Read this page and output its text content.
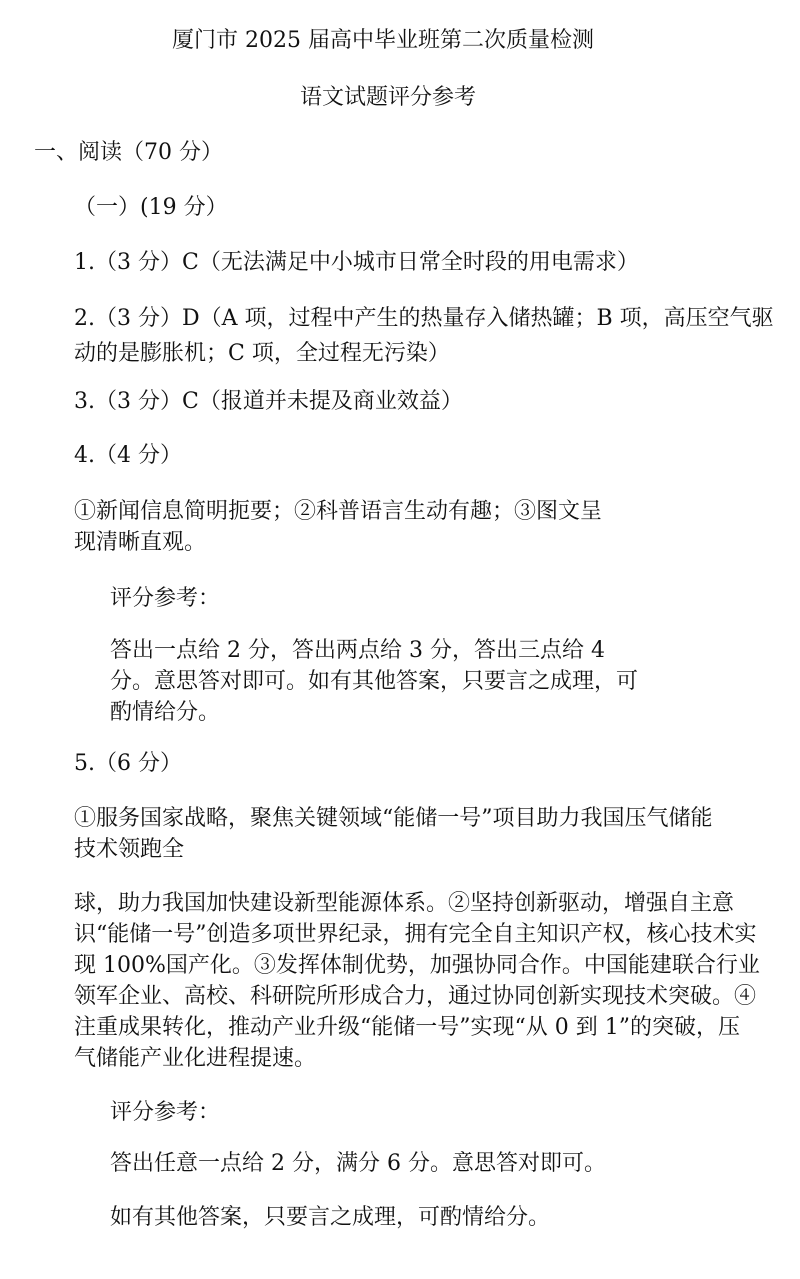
厦门市 2025 届高中毕业班第二次质量检测

语文试题评分参考

一、阅读（70 分）

（一）(19 分）

1.（3 分）C（无法满足中小城市日常全时段的用电需求）

2.（3 分）D（A 项，过程中产生的热量存入储热罐；B 项，高压空气驱

动的是膨胀机；C 项，全过程无污染）

3.（3 分）C（报道并未提及商业效益）

4.（4 分）

①新闻信息简明扼要；②科普语言生动有趣；③图文呈

现清晰直观。

评分参考：

答出一点给 2 分，答出两点给 3 分，答出三点给 4

分。意思答对即可。如有其他答案，只要言之成理，可

酌情给分。

5.（6 分）

①服务国家战略，聚焦关键领域“能储一号”项目助力我国压气储能

技术领跑全

球，助力我国加快建设新型能源体系。②坚持创新驱动，增强自主意

识“能储一号”创造多项世界纪录，拥有完全自主知识产权，核心技术实

现 100%国产化。③发挥体制优势，加强协同合作。中国能建联合行业

领军企业、高校、科研院所形成合力，通过协同创新实现技术突破。④

注重成果转化，推动产业升级“能储一号”实现“从 0 到 1”的突破，压

气储能产业化进程提速。

评分参考：

答出任意一点给 2 分，满分 6 分。意思答对即可。

如有其他答案，只要言之成理，可酌情给分。
